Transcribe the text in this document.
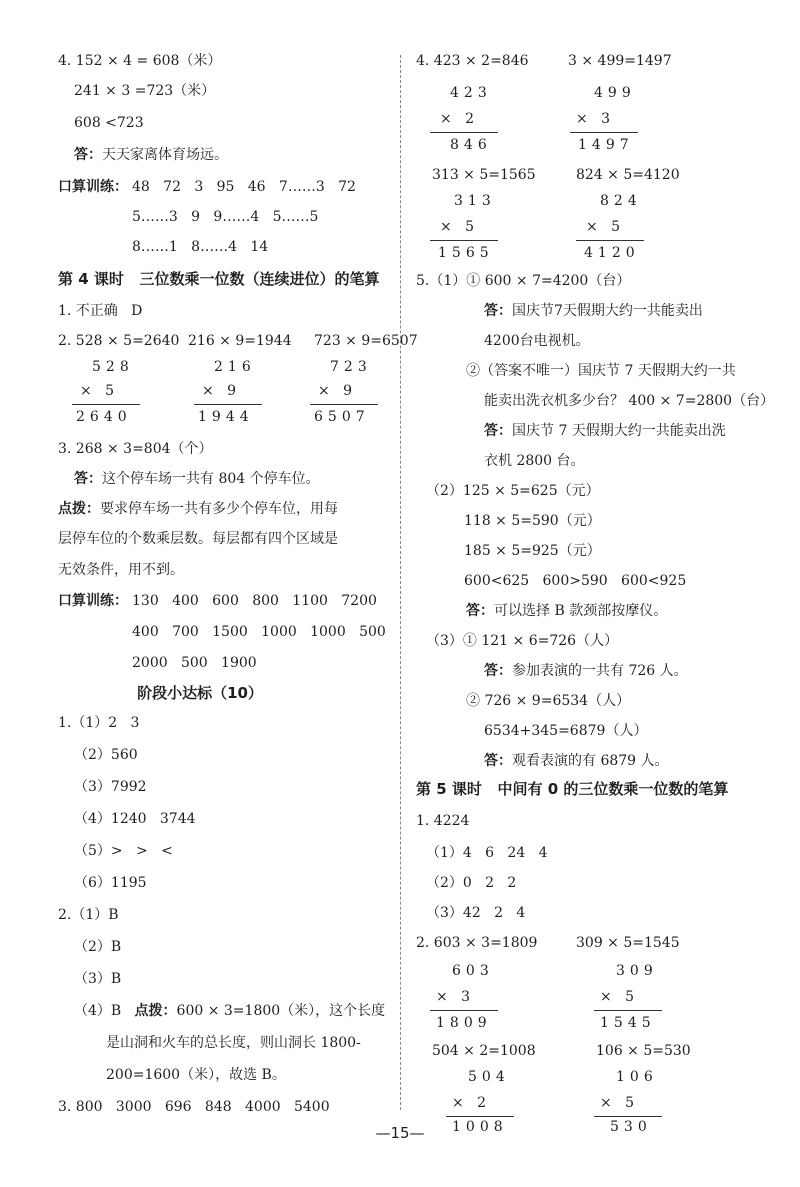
4. 152 × 4 = 608（米）
241 × 3 =723（米）
608 <723
答：天天家离体育场远。
口算训练： 48   72   3   95   46   7……3   72
5……3   9   9……4   5……5
8……1   8……4   14
第 4 课时   三位数乘一位数（连续进位）的笔算
1. 不正确   D
2. 528 × 5=2640 216 × 9=1944 723 × 9=6507
528
×   5
2640
216
×   9
1944
723
×   9
6507
3. 268 × 3=804（个）
答：这个停车场一共有 804 个停车位。
点拨：要求停车场一共有多少个停车位，用每
层停车位的个数乘层数。每层都有四个区域是
无效条件，用不到。
口算训练： 130   400   600   800   1100   7200
400   700   1500   1000   1000   500
2000   500   1900
阶段小达标（10）
1.（1）2   3
（2）560
（3）7992
（4）1240   3744
（5）>   >   <
（6）1195
2.（1）B
（2）B
（3）B
（4）B   点拨：600 × 3=1800（米），这个长度
是山洞和火车的总长度，则山洞长 1800-
200=1600（米），故选 B。
3. 800   3000   696   848   4000   5400
4. 423 × 2=846	3 × 499=1497
423
×   2
846
499
×   3
1497
313 × 5=1565	824 × 5=4120
313
×   5
1565
824
×   5
4120
5.（1）① 600 × 7=4200（台）
答：国庆节7天假期大约一共能卖出
4200台电视机。
②（答案不唯一）国庆节 7 天假期大约一共
能卖出洗衣机多少台？ 400 × 7=2800（台）
答：国庆节 7 天假期大约一共能卖出洗
衣机 2800 台。
（2）125 × 5=625（元）
118 × 5=590（元）
185 × 5=925（元）
600<625   600>590   600<925
答：可以选择 B 款颈部按摩仪。
（3）① 121 × 6=726（人）
答：参加表演的一共有 726 人。
② 726 × 9=6534（人）
6534+345=6879（人）
答：观看表演的有 6879 人。
第 5 课时   中间有 0 的三位数乘一位数的笔算
1. 4224
（1）4   6   24   4
（2）0   2   2
（3）42   2   4
2. 603 × 3=1809	309 × 5=1545
603
×   3
1809
309
×   5
1545
504 × 2=1008	106 × 5=530
504
×   2
1008
106
×   5
530
—15—
